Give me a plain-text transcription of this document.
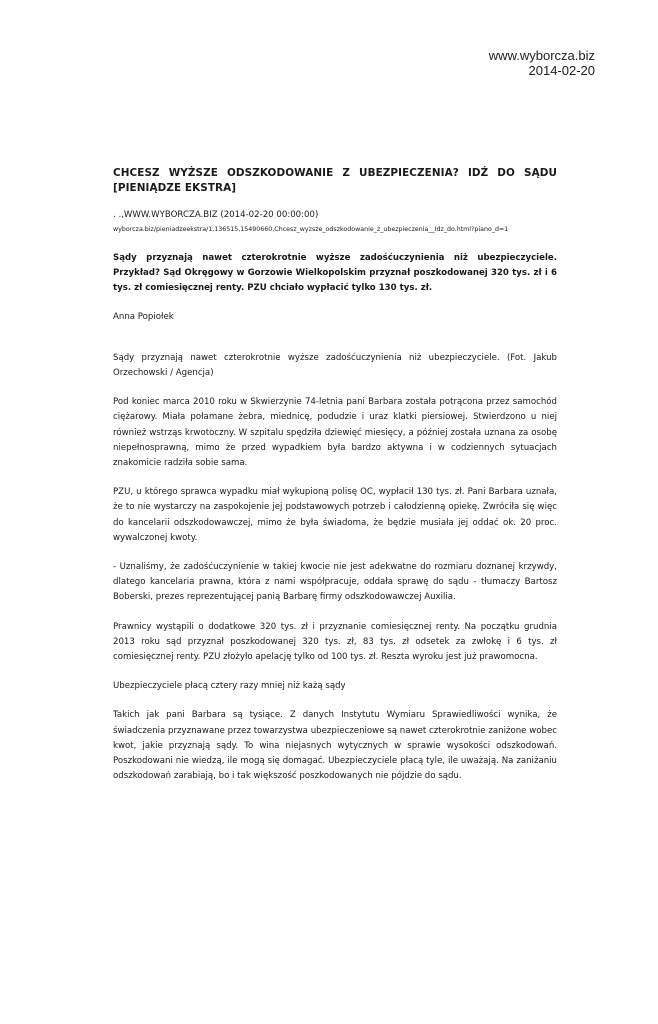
www.wyborcza.biz
2014-02-20
CHCESZ WYŻSZE ODSZKODOWANIE Z UBEZPIECZENIA? IDŹ DO SĄDU [PIENIĄDZE EKSTRA]

. .,WWW.WYBORCZA.BIZ (2014-02-20 00:00:00)

wyborcza.biz/pieniadzeekstra/1,136515,15490660,Chcesz_wyzsze_odszkodowanie_z_ubezpieczenia__Idz_do.html?piano_d=1

Sądy przyznają nawet czterokrotnie wyższe zadośćuczynienia niż ubezpieczyciele. Przykład? Sąd Okręgowy w Gorzowie Wielkopolskim przyznał poszkodowanej 320 tys. zł i 6 tys. zł comiesięcznej renty. PZU chciało wypłacić tylko 130 tys. zł.

Anna Popiołek

Sądy przyznają nawet czterokrotnie wyższe zadośćuczynienia niż ubezpieczyciele. (Fot. Jakub Orzechowski / Agencja)

Pod koniec marca 2010 roku w Skwierzynie 74-letnia pani Barbara została potrącona przez samochód ciężarowy. Miała połamane żebra, miednicę, podudzie i uraz klatki piersiowej. Stwierdzono u niej również wstrząs krwotoczny. W szpitalu spędziła dziewięć miesięcy, a później została uznana za osobę niepełnosprawną, mimo że przed wypadkiem była bardzo aktywna i w codziennych sytuacjach znakomicie radziła sobie sama.

PZU, u którego sprawca wypadku miał wykupioną polisę OC, wypłacił 130 tys. zł. Pani Barbara uznała, że to nie wystarczy na zaspokojenie jej podstawowych potrzeb i całodzienną opiekę. Zwróciła się więc do kancelarii odszkodowawczej, mimo że była świadoma, że będzie musiała jej oddać ok. 20 proc. wywalczonej kwoty.

- Uznaliśmy, że zadośćuczynienie w takiej kwocie nie jest adekwatne do rozmiaru doznanej krzywdy, dlatego kancelaria prawna, która z nami współpracuje, oddała sprawę do sądu - tłumaczy Bartosz Boberski, prezes reprezentującej panią Barbarę firmy odszkodowawczej Auxilia.

Prawnicy wystąpili o dodatkowe 320 tys. zł i przyznanie comiesięcznej renty. Na początku grudnia 2013 roku sąd przyznał poszkodowanej 320 tys. zł, 83 tys. zł odsetek za zwłokę i 6 tys. zł comiesięcznej renty. PZU złożyło apelację tylko od 100 tys. zł. Reszta wyroku jest już prawomocna.

Ubezpieczyciele płacą cztery razy mniej niż każą sądy

Takich jak pani Barbara są tysiące. Z danych Instytutu Wymiaru Sprawiedliwości wynika, że świadczenia przyznawane przez towarzystwa ubezpieczeniowe są nawet czterokrotnie zaniżone wobec kwot, jakie przyznają sądy. To wina niejasnych wytycznych w sprawie wysokości odszkodowań. Poszkodowani nie wiedzą, ile mogą się domagać. Ubezpieczyciele płacą tyle, ile uważają. Na zaniżaniu odszkodowań zarabiają, bo i tak większość poszkodowanych nie pójdzie do sądu.
